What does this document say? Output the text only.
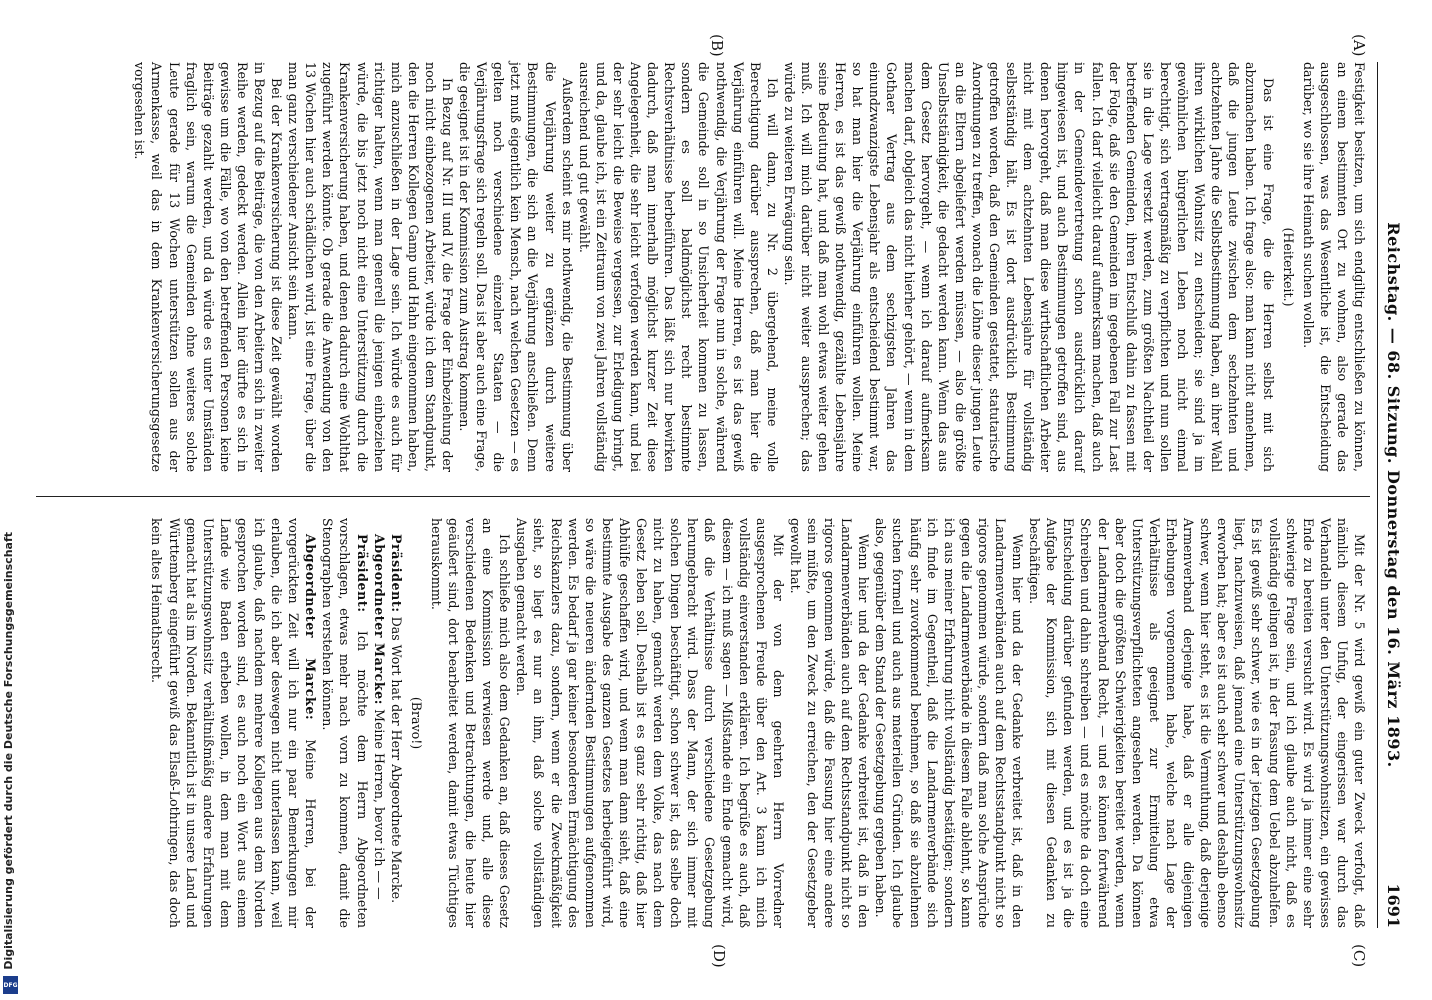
Reichstag. — 68. Sitzung. Donnerstag den 16. März 1893.
1691
(A)
(B)
(C)
(D)

Festigkeit besitzen, um sich endgiltig entschließen zu können, an einem bestimmten Ort zu wohnen, also gerade das ausgeschlossen, was das Wesentliche ist, die Entscheidung darüber, wo sie ihre Heimath suchen wollen.

(Heiterkeit.)

Das ist eine Frage, die die Herren selbst mit sich abzumachen haben. Ich frage also: man kann nicht annehmen, daß die jungen Leute zwischen dem sechzehnten und achtzehnten Jahre die Selbstbestimmung haben, an ihrer Wahl ihren wirklichen Wohnsitz zu entscheiden; sie sind ja im gewöhnlichen bürgerlichen Leben noch nicht einmal berechtigt, sich vertragsmäßig zu verpflichten und nun sollen sie in die Lage versetzt werden, zum größten Nachtheil der betreffenden Gemeinden, ihren Entschluß dahin zu fassen mit der Folge, daß sie den Gemeinden im gegebenen Fall zur Last fallen. Ich darf vielleicht darauf aufmerksam machen, daß auch in der Gemeindevertretung schon ausdrücklich darauf hingewiesen ist, und auch Bestimmungen getroffen sind, aus denen hervorgeht, daß man diese wirthschaftlichen Arbeiter nicht mit dem achtzehnten Lebensjahre für vollständig selbstständig hält. Es ist dort ausdrücklich Bestimmung getroffen worden, daß den Gemeinden gestattet, statutarische Anordnungen zu treffen, wonach die Löhne dieser jungen Leute an die Eltern abgeliefert werden müssen, — also die größte Unselbstständigkeit, die gedacht werden kann. Wenn das aus dem Gesetz hervorgeht, — wenn ich darauf aufmerksam machen darf, obgleich das nicht hierher gehört, — wenn in dem Gothaer Vertrag aus dem sechzigsten Jahren das einundzwanzigste Lebensjahr als entscheidend bestimmt war, so hat man hier die Verjährung einführen wollen. Meine Herren, es ist das gewiß nothwendig, gezählte Lebensjahre seine Bedeutung hat, und daß man wohl etwas weiter gehen muß. Ich will mich darüber nicht weiter aussprechen; das würde zu weiteren Erwägung sein.

Ich will dann, zu Nr. 2 übergehend, meine volle Berechtigung darüber aussprechen, daß man hier die Verjährung einführen will. Meine Herren, es ist das gewiß nothwendig, die Verjährung der Frage nun in solche, während die Gemeinde soll in so Unsicherheit kommen zu lassen, sondern es soll baldmöglichst recht bestimmte Rechtsverhältnisse herbeiführen. Das läßt sich nur bewirken dadurch, daß man innerhalb möglichst kurzer Zeit diese Angelegenheit, die sehr leicht verfolgen werden kann, und bei der sehr leicht die Beweise vergessen, zur Erledigung bringt, und da, glaube ich, ist ein Zeitraum von zwei Jahren vollständig ausreichend und gut gewählt.

Außerdem scheint es mir nothwendig, die Bestimmung über die Verjährung weiter zu ergänzen durch weitere Bestimmungen, die sich an die Verjährung anschließen. Denn jetzt muß eigentlich kein Mensch, nach welchen Gesetzen — es gelten noch verschiedene einzelner Staaten — die Verjährungsfrage sich regeln soll. Das ist aber auch eine Frage, die geeignet ist in der Kommission zum Austrag kommen.

In Bezug auf Nr. III und IV, die Frage der Einbeziehung der noch nicht einbezogenen Arbeiter, würde ich dem Standpunkt, den die Herren Kollegen Gamp und Hahn eingenommen haben, mich anzuschließen in der Lage sein. Ich würde es auch für richtiger halten, wenn man generell die jenigen einbeziehen würde, die bis jetzt noch nicht eine Unterstützung durch die Krankenversicherung haben, und denen dadurch eine Wohlthat zugeführt werden könnte. Ob gerade die Anwendung von den 13 Wochen hier auch schädlichen wird, ist eine Frage, über die man ganz verschiedener Ansicht sein kann.

Bei der Krankenversicherung ist diese Zeit gewählt worden in Bezug auf die Beiträge, die von den Arbeitern sich in zweiter Reihe werden, gedeckt werden. Allein hier dürfte es sich in gewisse um die Fälle, wo von den betreffenden Personen keine Beiträge gezahlt werden, und da würde es unter Umständen fraglich sein, warum die Gemeinden ohne weiteres solche Leute gerade für 13 Wochen unterstützen sollen aus der Armenkasse, weil das in dem Krankenversicherungsgesetze vorgesehen ist.

Mit der Nr. 5 wird gewiß ein guter Zweck verfolgt, daß nämlich diesem Unfug, der eingerissen war durch das Verhandeln unter den Unterstützungswohnsitzen, ein gewisses Ende zu bereiten versucht wird. Es wird ja immer eine sehr schwierige Frage sein, und ich glaube auch nicht, daß es vollständig gelingen ist, in der Fassung dem Uebel abzuhelfen. Es ist gewiß sehr schwer, wie es in der jetzigen Gesetzgebung liegt, nachzuweisen, daß jemand eine Unterstützungswohnsitz erworben hat; aber es ist auch sehr schwer und deshalb ebenso schwer, wenn hier steht, es ist die Vermuthung, daß derjenige Armenverband derjenige habe, daß er alle diejenigen Erhebungen vorgenommen habe, welche nach Lage der Verhältnisse als geeignet zur Ermittelung etwa Unterstützungsverpflichteten angesehen werden. Da können aber doch die größten Schwierigkeiten bereitet werden, wenn der Landarmenverband Recht, — und es können fortwährend Schreiben und dahin schreiben — und es möchte da doch eine Entscheidung darüber gefunden werden, und es ist ja die Aufgabe der Kommission, sich mit diesen Gedanken zu beschäftigen.

Wenn hier und da der Gedanke verbreitet ist, daß in den Landarmenverbänden auch auf dem Rechtsstandpunkt nicht so rigoros genommen würde, sondern daß man solche Ansprüche gegen die Landarmenverbände in diesem Falle ablehnt, so kann ich aus meiner Erfahrung nicht vollständig bestätigen; sondern ich finde im Gegentheil, daß die Landarmenverbände sich häufig sehr zuvorkommend benehmen, so daß sie abzulehnen suchen formell und auch aus materiellen Gründen. Ich glaube also, gegenüber dem Stand der Gesetzgebung ergeben haben.

Wenn hier und da der Gedanke verbreitet ist, daß in den Landarmenverbänden auch auf dem Rechtsstandpunkt nicht so rigoros genommen würde, daß die Fassung hier eine andere sein müßte, um den Zweck zu erreichen, den der Gesetzgeber gewollt hat.

Mit der von dem geehrten Herrn Vorredner ausgesprochenen Freude über den Art. 3 kann ich mich vollständig einverstanden erklären. Ich begrüße es auch, daß diesem — ich muß sagen — Mißstande ein Ende gemacht wird, daß die Verhältnisse durch verschiedene Gesetzgebung herumgebracht wird. Dass der Mann, der sich immer mit solchen Dingen beschäftigt, schon schwer ist, das selbe doch nicht zu haben, gemacht werden dem Volke, das nach dem Gesetz leben soll. Deshalb ist es ganz sehr richtig, daß hier Abhülfe geschaffen wird, und wenn man dann sieht, daß eine bestimmte Ausgabe des ganzen Gesetzes herbeigeführt wird, so wäre die neueren ändernden Bestimmungen aufgenommen werden. Es bedarf ja gar keiner besonderen Ermächtigung des Reichskanzlers dazu, sondern, wenn er die Zweckmäßigkeit sieht, so liegt es nur an ihm, daß solche vollständigen Ausgaben gemacht werden.

Ich schließe mich also dem Gedanken an, daß dieses Gesetz an eine Kommission verwiesen werde und, alle diese verschiedenen Bedenken und Betrachtungen, die heute hier geäußert sind, dort bearbeitet werden, damit etwas Tüchtiges herauskommt.

(Bravo!)

Präsident: Das Wort hat der Herr Abgeordnete Marcke.

Abgeordneter Marcke: Meine Herren, bevor ich — —

Präsident: Ich möchte dem Herrn Abgeordneten vorschlagen, etwas mehr nach vorn zu kommen, damit die Stenographen verstehen können.

Abgeordneter Marcke: Meine Herren, bei der vorgerückten Zeit will ich nur ein paar Bemerkungen mir erlauben, die ich aber deswegen nicht unterlassen kann, weil ich glaube, daß nachdem mehrere Kollegen aus dem Norden gesprochen worden sind, es auch noch ein Wort aus einem Lande wie Baden erheben wollen, in dem man mit dem Unterstützungswohnsitz verhältnißmäßig andere Erfahrungen gemacht hat als im Norden. Bekanntlich ist in unsere Land und Württemberg eingeführt gewiß das Elsaß-Lothringen, das doch kein altes Heimathsrecht.

Digitalisierung gefördert durch die Deutsche Forschungsgemeinschaft
DFG
